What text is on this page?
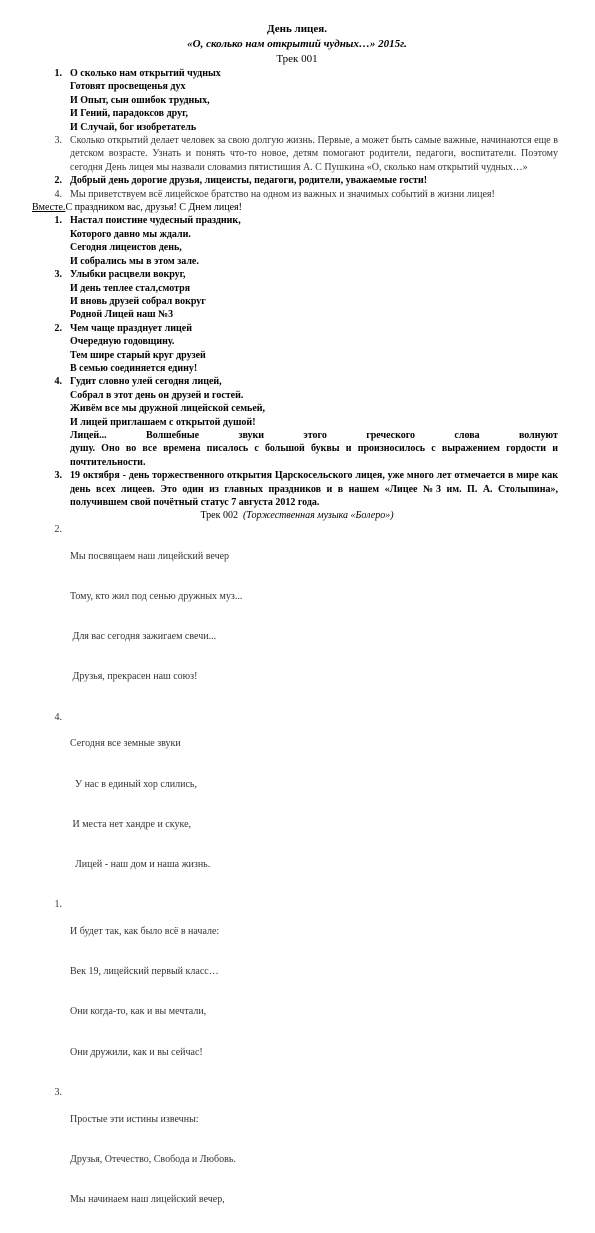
День лицея.
«О, сколько нам открытий чудных…» 2015г.
Трек 001
1. О сколько нам открытий чудных
Готовят просвещенья дух
И Опыт, сын ошибок трудных,
И Гений, парадоксов друг,
И Случай, бог изобретатель
3. Сколько открытий делает человек за свою долгую жизнь. Первые, а может быть самые важные, начинаются еще в детском возрасте. Узнать и понять что-то новое, детям помогают родители, педагоги, воспитатели. Поэтому сегодня День лицея мы назвали словамиз пятистишия А. С Пушкина «О, сколько нам открытий чудных…»
2. Добрый день дорогие друзья, лицеисты, педагоги, родители, уважаемые гости!
4. Мы приветствуем всё лицейское братство на одном из важных и значимых событий в жизни лицея!
Вместе.С праздником вас, друзья! С Днем лицея!
1. Настал поистине чудесный праздник,
Которого давно мы ждали.
Сегодня лицеистов день,
И собрались мы в этом зале.
3. Улыбки расцвели вокруг,
И день теплее стал,смотря
И вновь друзей собрал вокруг
Родной Лицей наш №3
2. Чем чаще празднует лицей
Очередную годовщину.
Тем шире старый круг друзей
В семью соединяется едину!
4. Гудит словно улей сегодня лицей,
Собрал в этот день он друзей и гостей.
Живём все мы дружной лицейской семьей,
И лицей приглашаем с открытой душой!
Лицей...	Волшебные	звуки	этого	греческого	слова	волнуют
душу. Оно во все времена писалось с большой буквы и произносилось с выражением гордости и почтительности.
3. 19 октября - день торжественного открытия Царскосельского лицея, уже много лет отмечается в мире как день всех лицеев. Это один из главных праздников и в нашем «Лицее №3 им. П. А. Столыпина», получившем свой почётный статус 7 августа 2012 года.
Трек 002 (Торжественная музыка «Болеро»)
2.

Мы посвящаем наш лицейский вечер

Тому, кто жил под сенью дружных муз...

Для вас сегодня зажигаем свечи...

Друзья, прекрасен наш союз!

4.

Сегодня все земные звуки

У нас в единый хор слились,

И места нет хандре и скуке,

Лицей - наш дом и наша жизнь.

1.

И будет так, как было всё в начале:

Век 19, лицейский первый класс…

Они когда-то, как и вы мечтали,

Они дружили, как и вы сейчас!

3.

Простые эти истины извечны:

Друзья, Отечество, Свобода и Любовь.

Мы начинаем наш лицейский вечер,
